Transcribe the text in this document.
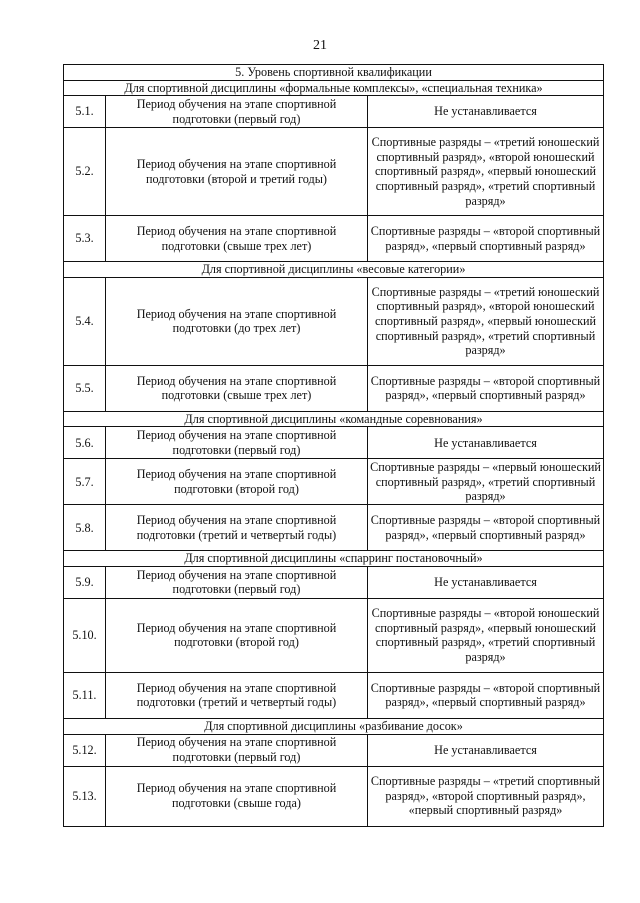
21
5. Уровень спортивной квалификации		
Для спортивной дисциплины «формальные комплексы», «специальная техника»		
5.1.	Период обучения на этапе спортивной подготовки (первый год)	Не устанавливается
5.2.	Период обучения на этапе спортивной подготовки (второй и третий годы)	Спортивные разряды – «третий юношеский спортивный разряд», «второй юношеский спортивный разряд», «первый юношеский спортивный разряд», «третий спортивный разряд»
5.3.	Период обучения на этапе спортивной подготовки (свыше трех лет)	Спортивные разряды – «второй спортивный разряд», «первый спортивный разряд»
Для спортивной дисциплины «весовые категории»		
5.4.	Период обучения на этапе спортивной подготовки (до трех лет)	Спортивные разряды – «третий юношеский спортивный разряд», «второй юношеский спортивный разряд», «первый юношеский спортивный разряд», «третий спортивный разряд»
5.5.	Период обучения на этапе спортивной подготовки (свыше трех лет)	Спортивные разряды – «второй спортивный разряд», «первый спортивный разряд»
Для спортивной дисциплины «командные соревнования»		
5.6.	Период обучения на этапе спортивной подготовки (первый год)	Не устанавливается
5.7.	Период обучения на этапе спортивной подготовки (второй год)	Спортивные разряды – «первый юношеский спортивный разряд», «третий спортивный разряд»
5.8.	Период обучения на этапе спортивной подготовки (третий и четвертый годы)	Спортивные разряды – «второй спортивный разряд», «первый спортивный разряд»
Для спортивной дисциплины «спарринг постановочный»		
5.9.	Период обучения на этапе спортивной подготовки (первый год)	Не устанавливается
5.10.	Период обучения на этапе спортивной подготовки (второй год)	Спортивные разряды – «второй юношеский спортивный разряд», «первый юношеский спортивный разряд», «третий спортивный разряд»
5.11.	Период обучения на этапе спортивной подготовки (третий и четвертый годы)	Спортивные разряды – «второй спортивный разряд», «первый спортивный разряд»
Для спортивной дисциплины «разбивание досок»		
5.12.	Период обучения на этапе спортивной подготовки (первый год)	Не устанавливается
5.13.	Период обучения на этапе спортивной подготовки (свыше года)	Спортивные разряды – «третий спортивный разряд», «второй спортивный разряд», «первый спортивный разряд»
